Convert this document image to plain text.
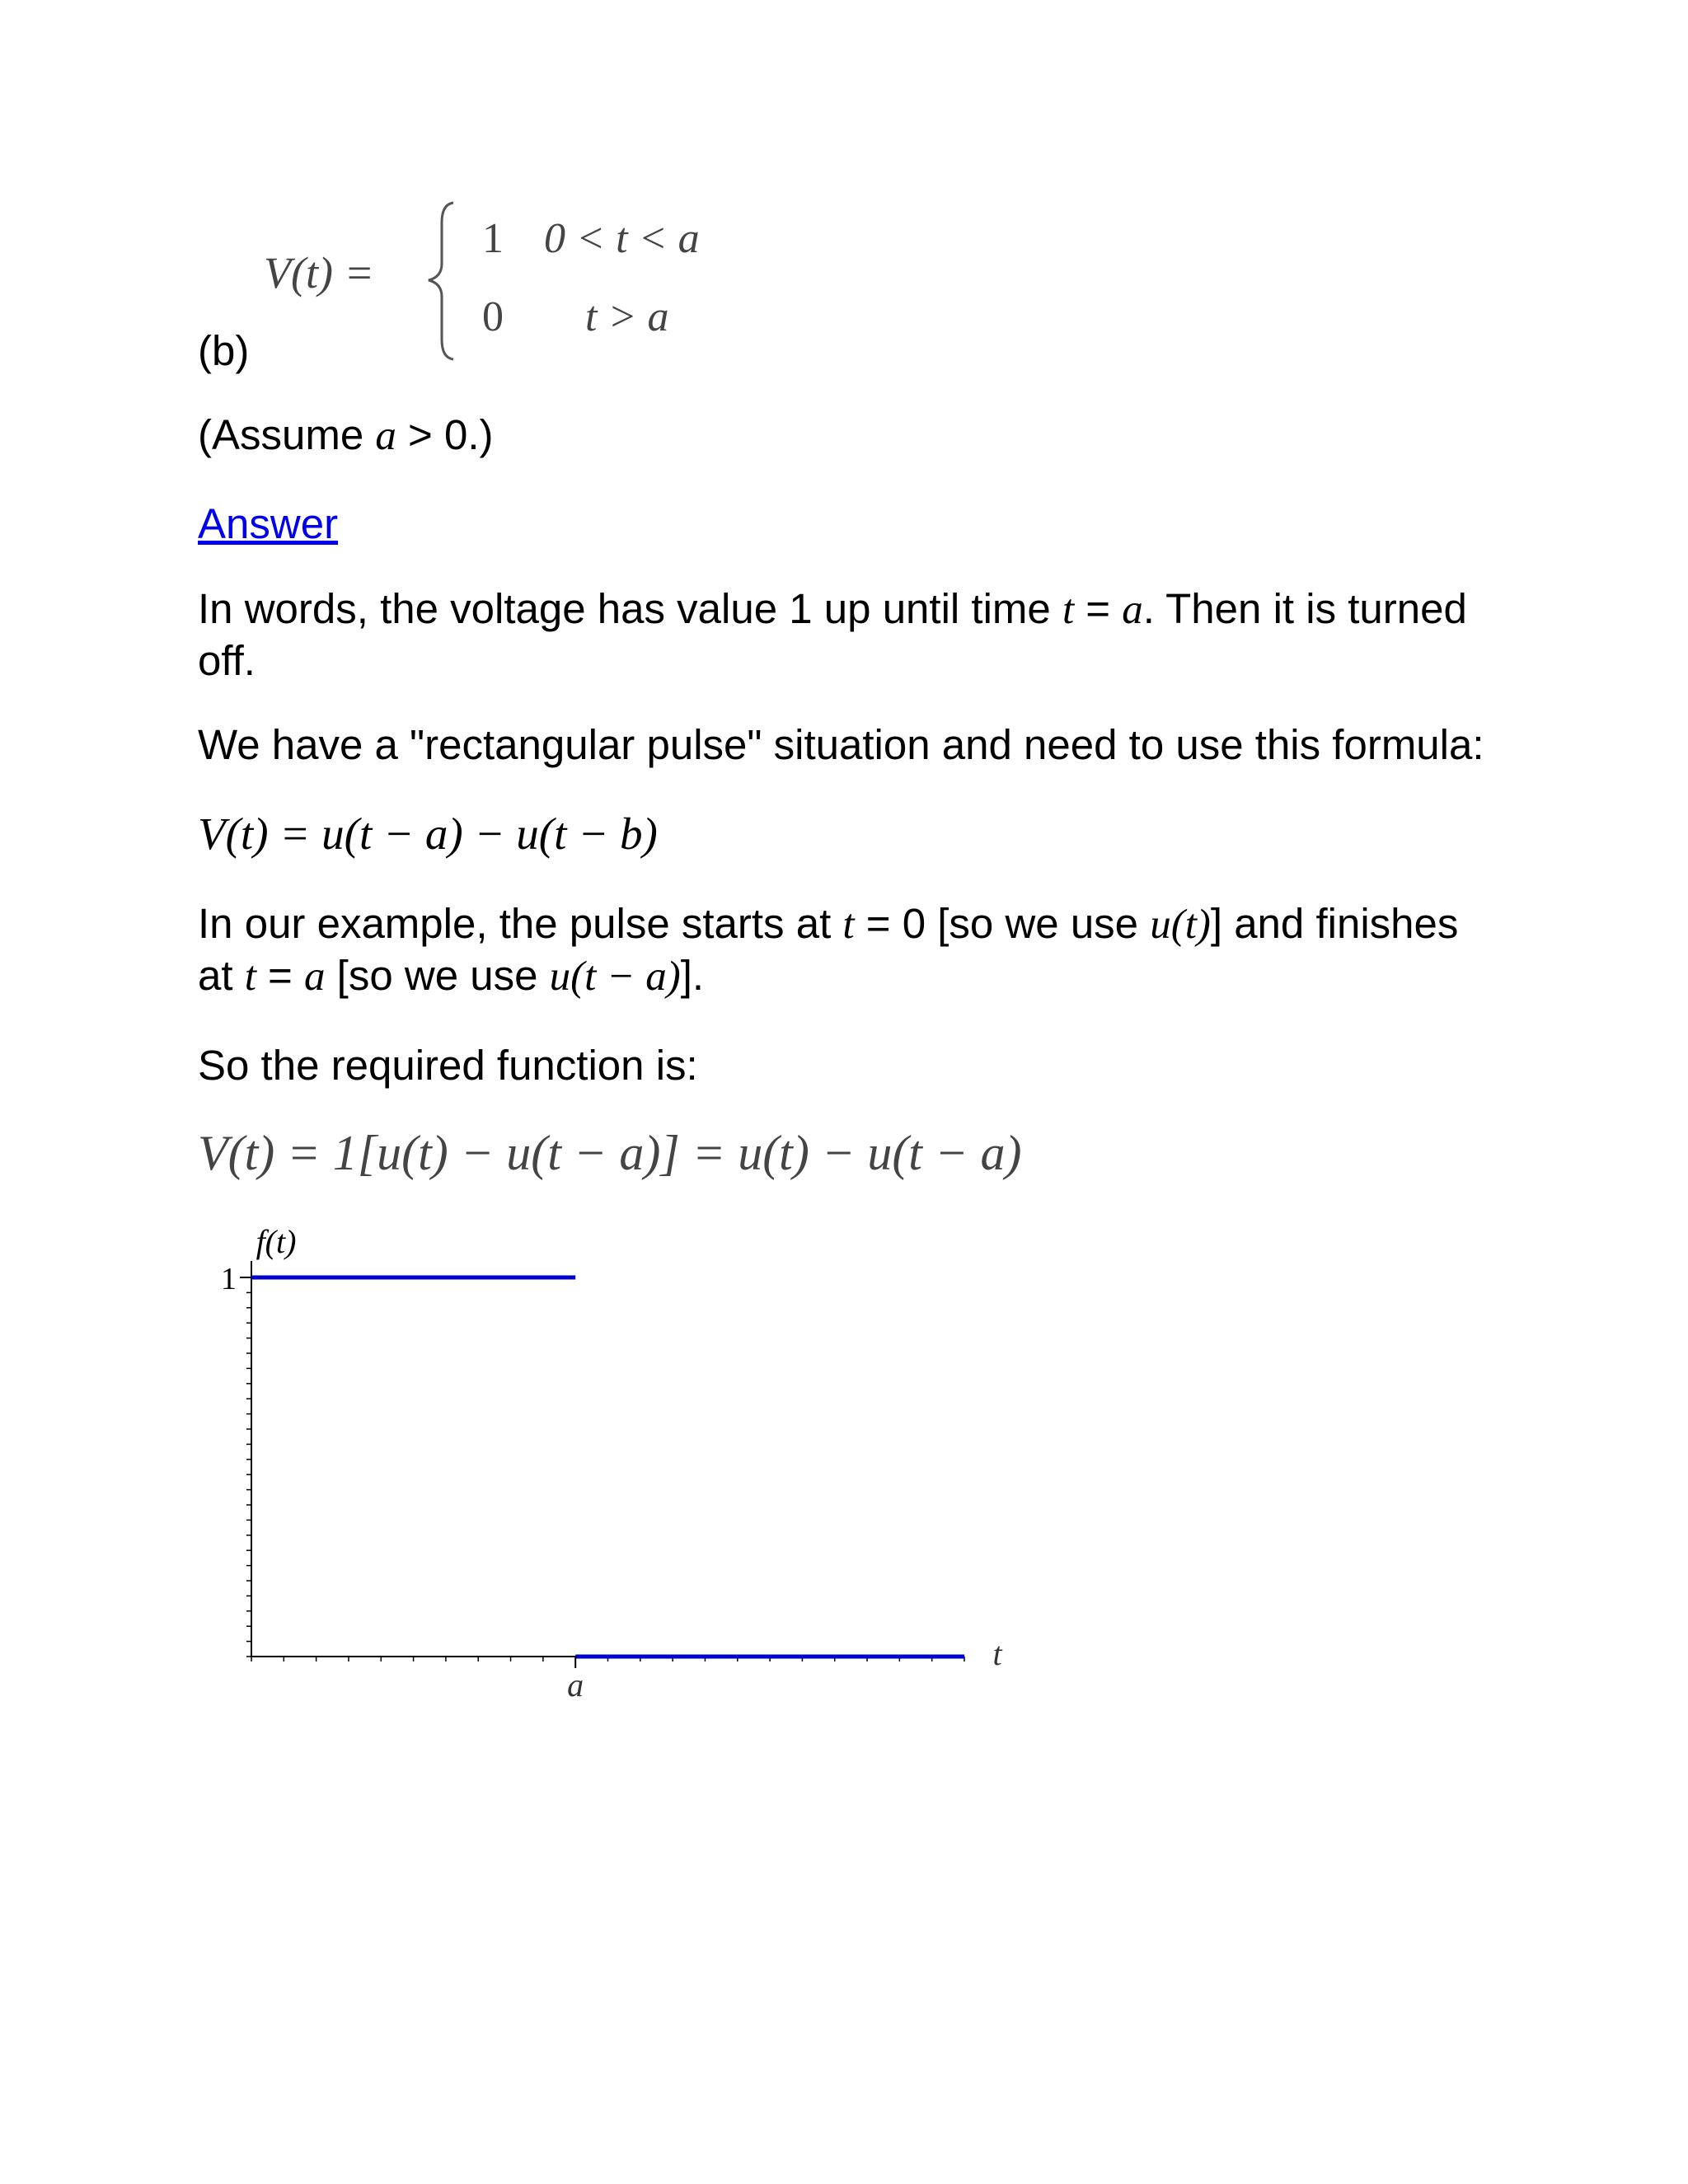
V(t) =
1 0 < t < a
0 t > a
(b)
(Assume a > 0.)
Answer
In words, the voltage has value 1 up until time t = a. Then it is turned
off.
We have a "rectangular pulse" situation and need to use this formula:
V(t) = u(t − a) − u(t − b)
In our example, the pulse starts at t = 0 [so we use u(t)] and finishes
at t = a [so we use u(t − a)].
So the required function is:
V(t) = 1[u(t) − u(t − a)] = u(t) − u(t − a)
1
a
f(t)
t
